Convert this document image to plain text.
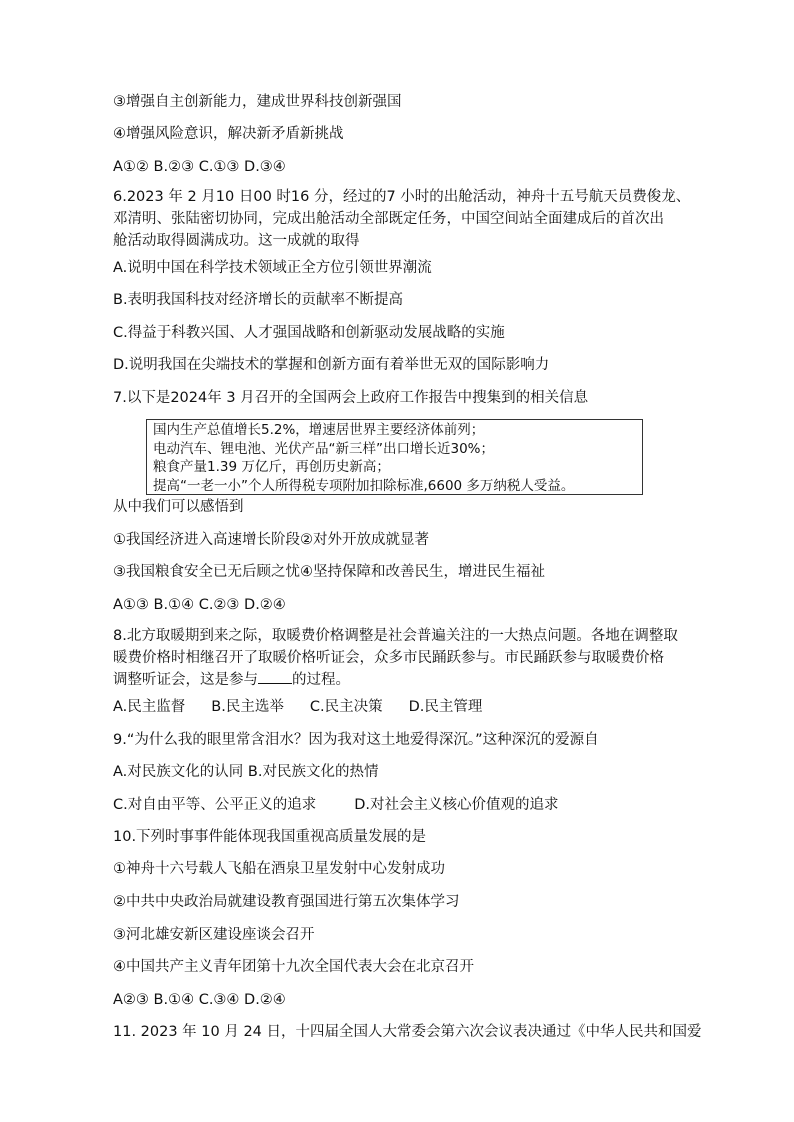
③增强自主创新能力，建成世界科技创新强国
④增强风险意识，解决新矛盾新挑战
A①② B.②③ C.①③ D.③④
6.2023 年 2 月10 日00 时16 分，经过的7 小时的出舱活动，神舟十五号航天员费俊龙、
邓清明、张陆密切协同，完成出舱活动全部既定任务，中国空间站全面建成后的首次出
舱活动取得圆满成功。这一成就的取得
A.说明中国在科学技术领域正全方位引领世界潮流
B.表明我国科技对经济增长的贡献率不断提高
C.得益于科教兴国、人才强国战略和创新驱动发展战略的实施
D.说明我国在尖端技术的掌握和创新方面有着举世无双的国际影响力
7.以下是2024年 3 月召开的全国两会上政府工作报告中搜集到的相关信息
国内生产总值增长5.2%，增速居世界主要经济体前列；
电动汽车、锂电池、光伏产品“新三样”出口增长近30%；
粮食产量1.39 万亿斤，再创历史新高；
提高“一老一小”个人所得税专项附加扣除标准,6600 多万纳税人受益。
从中我们可以感悟到
①我国经济进入高速增长阶段②对外开放成就显著
③我国粮食安全已无后顾之忧④坚持保障和改善民生，增进民生福祉
A①③ B.①④ C.②③ D.②④
8.北方取暖期到来之际，取暖费价格调整是社会普遍关注的一大热点问题。各地在调整取
暖费价格时相继召开了取暖价格听证会，众多市民踊跃参与。市民踊跃参与取暖费价格
调整听证会，这是参与 的过程。
A.民主监督 B.民主选举 C.民主决策 D.民主管理
9.“为什么我的眼里常含泪水？因为我对这土地爱得深沉。”这种深沉的爱源自
A.对民族文化的认同 B.对民族文化的热情
C.对自由平等、公平正义的追求	D.对社会主义核心价值观的追求
10.下列时事事件能体现我国重视高质量发展的是
①神舟十六号载人飞船在酒泉卫星发射中心发射成功
②中共中央政治局就建设教育强国进行第五次集体学习
③河北雄安新区建设座谈会召开
④中国共产主义青年团第十九次全国代表大会在北京召开
A②③ B.①④ C.③④ D.②④
11. 2023 年 10 月 24 日，十四届全国人大常委会第六次会议表决通过《中华人民共和国爱
